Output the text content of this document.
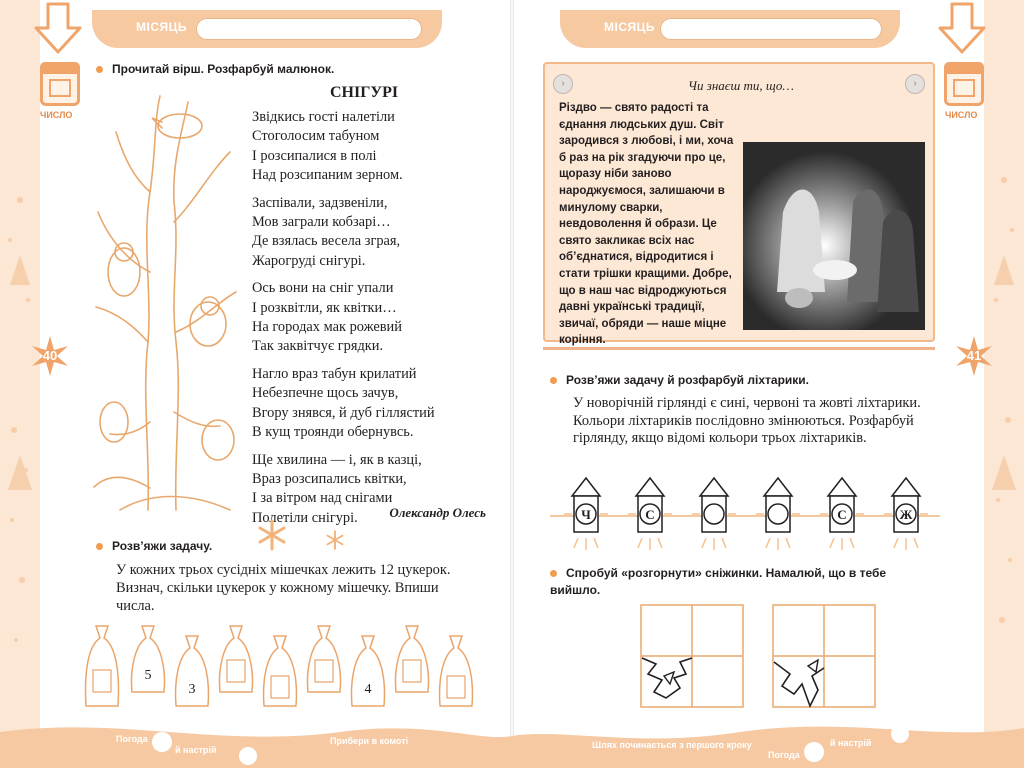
МІСЯЦЬ
ЧИСЛО
МІСЯЦЬ
ЧИСЛО
40	41
Прочитай вірш. Розфарбуй малюнок.
СНІГУРІ
Звідкись гості налетіли
Стоголосим табуном
І розсипалися в полі
Над розсипаним зерном.
Заспівали, задзвеніли,
Мов заграли кобзарі…
Де взялась весела зграя,
Жарогруді снігурі.
Ось вони на сніг упали
І розквітли, як квітки…
На городах мак рожевий
Так заквітчує грядки.
Нагло враз табун крилатий
Небезпечне щось зачув,
Вгору знявся, й дуб гіллястий
В кущ троянди обернувсь.
Ще хвилина — і, як в казці,
Враз розсипались квітки,
І за вітром над снігами
Полетіли снігурі.	Олександр Олесь
Розв’яжи задачу.
У кожних трьох сусідніх мішечках лежить 12 цукерок. Визнач, скільки цукерок у кожному мішечку. Впиши числа.
5
3	4
›	›
Чи знаєш ти, що…
Різдво — свято радості та єднання людських душ. Світ зародився з любові, і ми, хоча б раз на рік згадуючи про це, щоразу ніби заново народжуємося, залишаючи в минулому сварки, невдоволення й образи. Це свято закликає всіх нас об’єднатися, відродитися і стати трішки кращими. Добре, що в наш час відроджуються давні українські традиції, звичаї, обряди — наше міцне коріння.
Розв’яжи задачу й розфарбуй ліхтарики.
У новорічній гірлянді є сині, червоні та жовті ліхтарики. Кольори ліхтариків послідовно змінюються. Розфарбуй гірлянду, якщо відомі кольори трьох ліхтариків.
Ч	С	С	Ж
Спробуй «розгорнути» сніжинки. Намалюй, що в тебе вийшло.
Погода
й настрій
Прибери в комоті	Шлях починається з першого кроку
Погода
й настрій
